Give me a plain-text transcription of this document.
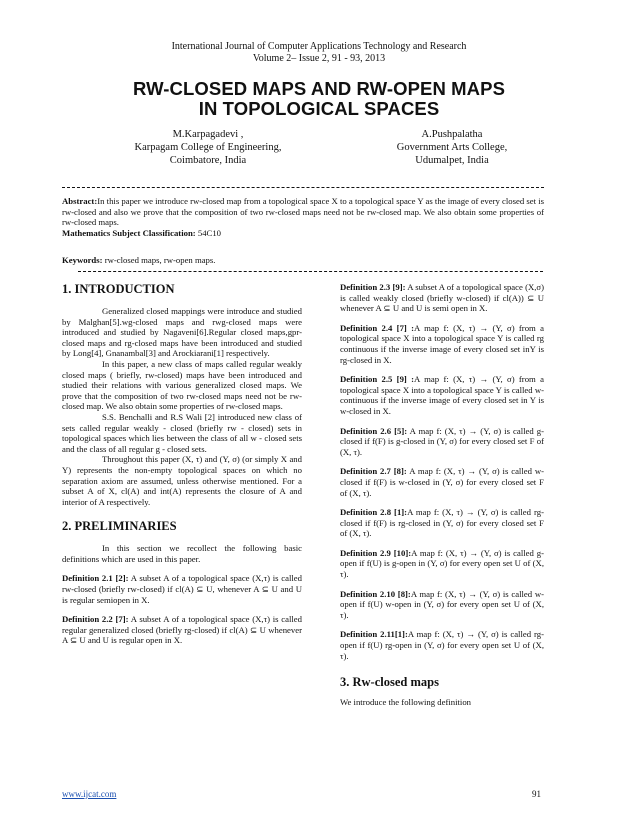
International Journal of Computer Applications Technology and Research
Volume 2– Issue 2, 91 - 93, 2013
RW-CLOSED MAPS AND RW-OPEN MAPS
IN TOPOLOGICAL SPACES
M.Karpagadevi ,
Karpagam College of Engineering,
Coimbatore, India
A.Pushpalatha
Government Arts College,
Udumalpet, India
Abstract:In this paper we introduce rw-closed map from a topological space X to a topological space Y as the image of every closed set is rw-closed and also we prove that the composition of two rw-closed maps need not be rw-closed map. We also obtain some properties of rw-closed maps.
Mathematics Subject Classification: 54C10
Keywords: rw-closed maps, rw-open maps.
1. INTRODUCTION

Generalized closed mappings were introduce and studied by Malghan[5].wg-closed maps and rwg-closed maps were introduced and studied by Nagaveni[6].Regular closed maps,gpr-closed maps and rg-closed maps have been introduced and studied by Long[4], Gnanambal[3] and Arockiarani[1] respectively.

In this paper, a new class of maps called regular weakly closed maps ( briefly, rw-closed) maps have been introduced and studied their relations with various generalized closed maps. We prove that the composition of two rw-closed maps need not be rw-closed map. We also obtain some properties of rw-closed maps.

S.S. Benchalli and R.S Wali [2] introduced new class of sets called regular weakly - closed (briefly rw - closed) sets in topological spaces which lies between the class of all w - closed sets and the class of all regular g - closed sets.

Throughout this paper (X, τ) and (Y, σ) (or simply X and Y) represents the non-empty topological spaces on which no separation axiom are assumed, unless otherwise mentioned. For a subset A of X, cl(A) and int(A) represents the closure of A and interior of A respectively.

2. PRELIMINARIES

In this section we recollect the following basic definitions which are used in this paper.

Definition 2.1 [2]: A subset A of a topological space (X,τ) is called rw-closed (briefly rw-closed) if cl(A) ⊆ U, whenever A ⊆ U and U is regular semiopen in X.

Definition 2.2 [7]: A subset A of a topological space (X,τ) is called regular generalized closed (briefly rg-closed) if cl(A) ⊆ U whenever A ⊆ U and U is regular open in X.

Definition 2.3 [9]: A subset A of a topological space (X,σ) is called weakly closed (briefly w-closed) if cl(A)) ⊆ U whenever A ⊆ U and U is semi open in X.

Definition 2.4 [7] :A map f: (X, τ) → (Y, σ) from a topological space X into a topological space Y is called rg continuous if the inverse image of every closed set inY is rg-closed in X.

Definition 2.5 [9] :A map f: (X, τ) → (Y, σ) from a topological space X into a topological space Y is called w-continuous if the inverse image of every closed set in Y is w-closed in X.

Definition 2.6 [5]: A map f: (X, τ) → (Y, σ) is called g-closed if f(F) is g-closed in (Y, σ) for every closed set F of (X, τ).

Definition 2.7 [8]: A map f: (X, τ) → (Y, σ) is called w-closed if f(F) is w-closed in (Y, σ) for every closed set F of (X, τ).

Definition 2.8 [1]:A map f: (X, τ) → (Y, σ) is called rg-closed if f(F) is rg-closed in (Y, σ) for every closed set F of (X, τ).

Definition 2.9 [10]:A map f: (X, τ) → (Y, σ) is called g-open if f(U) is g-open in (Y, σ) for every open set U of (X, τ).

Definition 2.10 [8]:A map f: (X, τ) → (Y, σ) is called w-open if f(U) w-open in (Y, σ) for every open set U of (X, τ).

Definition 2.11[1]:A map f: (X, τ) → (Y, σ) is called rg-open if f(U) rg-open in (Y, σ) for every open set U of (X, τ).

3. Rw-closed maps

We introduce the following definition

www.ijcat.com	91
